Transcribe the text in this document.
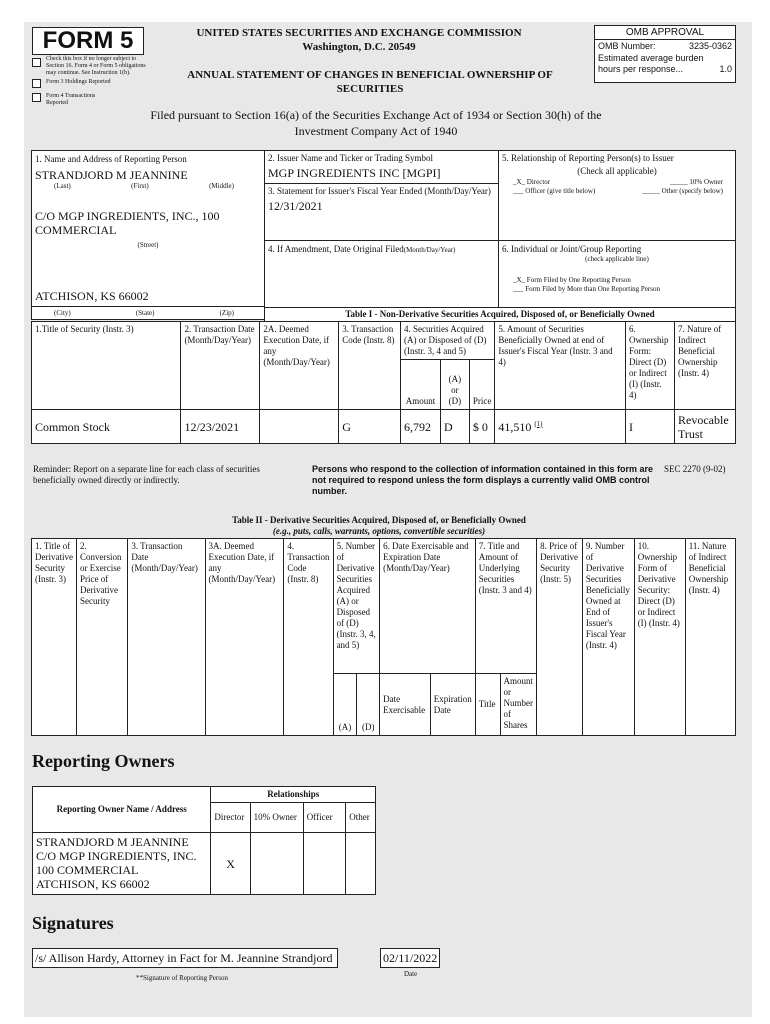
FORM 5
Check this box if no longer subject to Section 16. Form 4 or Form 5 obligations may continue. See Instruction 1(b).
Form 3 Holdings Reported
Form 4 Transactions Reported
UNITED STATES SECURITIES AND EXCHANGE COMMISSION
Washington, D.C. 20549
ANNUAL STATEMENT OF CHANGES IN BENEFICIAL OWNERSHIP OF SECURITIES
Filed pursuant to Section 16(a) of the Securities Exchange Act of 1934 or Section 30(h) of the Investment Company Act of 1940
OMB APPROVAL
OMB Number:	3235-0362
Estimated average burden
hours per response...	1.0
1. Name and Address of Reporting Person
STRANDJORD M JEANNINE
(Last)	(First)	(Middle)
C/O MGP INGREDIENTS, INC., 100 COMMERCIAL
(Street)
ATCHISON, KS 66002
(City)	(State)	(Zip)
2. Issuer Name and Ticker or Trading Symbol
MGP INGREDIENTS INC [MGPI]
3. Statement for Issuer's Fiscal Year Ended (Month/Day/Year)
12/31/2021
4. If Amendment, Date Original Filed(Month/Day/Year)
5. Relationship of Reporting Person(s) to Issuer
(Check all applicable)
_X_ Director	_____ 10% Owner
___ Officer (give title below)	_____ Other (specify below)
6. Individual or Joint/Group Reporting
(check applicable line)
_X_ Form Filed by One Reporting Person
___ Form Filed by More than One Reporting Person
Table I - Non-Derivative Securities Acquired, Disposed of, or Beneficially Owned
1.Title of Security (Instr. 3)	2. Transaction Date (Month/Day/Year)	2A. Deemed Execution Date, if any (Month/Day/Year)	3. Transaction Code (Instr. 8)	4. Securities Acquired (A) or Disposed of (D) (Instr. 3, 4 and 5)			5. Amount of Securities Beneficially Owned at end of Issuer's Fiscal Year (Instr. 3 and 4)	6. Ownership Form: Direct (D) or Indirect (I) (Instr. 4)	7. Nature of Indirect Beneficial Ownership (Instr. 4)
				Amount	(A) or (D)	Price			
Common Stock	12/23/2021		G	6,792	D	$ 0	41,510 $^{(1)}$	I	Revocable Trust
Reminder: Report on a separate line for each class of securities beneficially owned directly or indirectly.
Persons who respond to the collection of information contained in this form are not required to respond unless the form displays a currently valid OMB control number.
SEC 2270 (9-02)
Table II - Derivative Securities Acquired, Disposed of, or Beneficially Owned
(e.g., puts, calls, warrants, options, convertible securities)
1. Title of Derivative Security (Instr. 3)	2. Conversion or Exercise Price of Derivative Security	3. Transaction Date (Month/Day/Year)	3A. Deemed Execution Date, if any (Month/Day/Year)	4. Transaction Code (Instr. 8)	5. Number of Derivative Securities Acquired (A) or Disposed of (D) (Instr. 3, 4, and 5)		6. Date Exercisable and Expiration Date (Month/Day/Year)		7. Title and Amount of Underlying Securities (Instr. 3 and 4)		8. Price of Derivative Security (Instr. 5)	9. Number of Derivative Securities Beneficially Owned at End of Issuer's Fiscal Year (Instr. 4)	10. Ownership Form of Derivative Security: Direct (D) or Indirect (I) (Instr. 4)	11. Nature of Indirect Beneficial Ownership (Instr. 4)
					(A)	(D)	Date Exercisable	Expiration Date	Title	Amount or Number of Shares				
Reporting Owners
Reporting Owner Name / Address	Relationships			
	Director	10% Owner	Officer	Other

STRANDJORD M JEANNINE
C/O MGP INGREDIENTS, INC.
100 COMMERCIAL
ATCHISON, KS 66002	X			
Signatures
/s/ Allison Hardy, Attorney in Fact for M. Jeannine Strandjord	02/11/2022
**Signature of Reporting Person	Date
